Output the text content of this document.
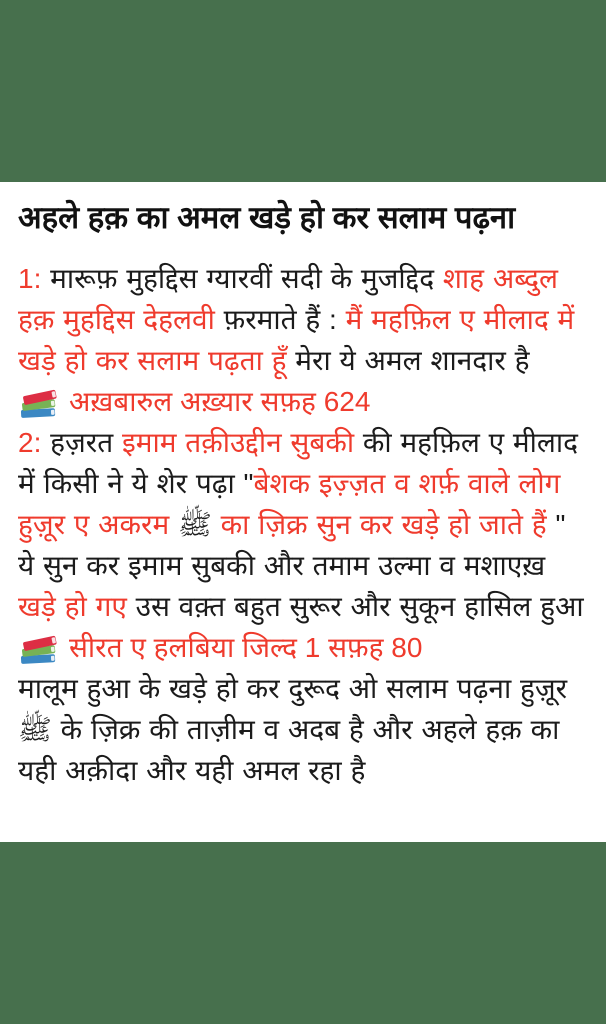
अहले हक़ का अमल खड़े हो कर सलाम पढ़ना

1: मारूफ़ मुहद्दिस ग्यारवीं सदी के मुजद्दिद शाह अब्दुल हक़ मुहद्दिस देहलवी फ़रमाते हैं : मैं महफ़िल ए मीलाद में खड़े हो कर सलाम पढ़ता हूँ मेरा ये अमल शानदार है

अख़बारुल अख़्यार सफ़ह 624

2: हज़रत इमाम तक़ीउद्दीन सुबकी की महफ़िल ए मीलाद में किसी ने ये शेर पढ़ा "बेशक इज़्ज़त व शर्फ़ वाले लोग हुज़ूर ए अकरम ﷺ का ज़िक्र सुन कर खड़े हो जाते हैं " ये सुन कर इमाम सुबकी और तमाम उल्मा व मशाएख़ खड़े हो गए उस वक़्त बहुत सुरूर और सुकून हासिल हुआ

सीरत ए हलबिया जिल्द 1 सफ़ह 80

मालूम हुआ के खड़े हो कर दुरूद ओ सलाम पढ़ना हुज़ूर ﷺ के ज़िक्र की ताज़ीम व अदब है और अहले हक़ का यही अक़ीदा और यही अमल रहा है
